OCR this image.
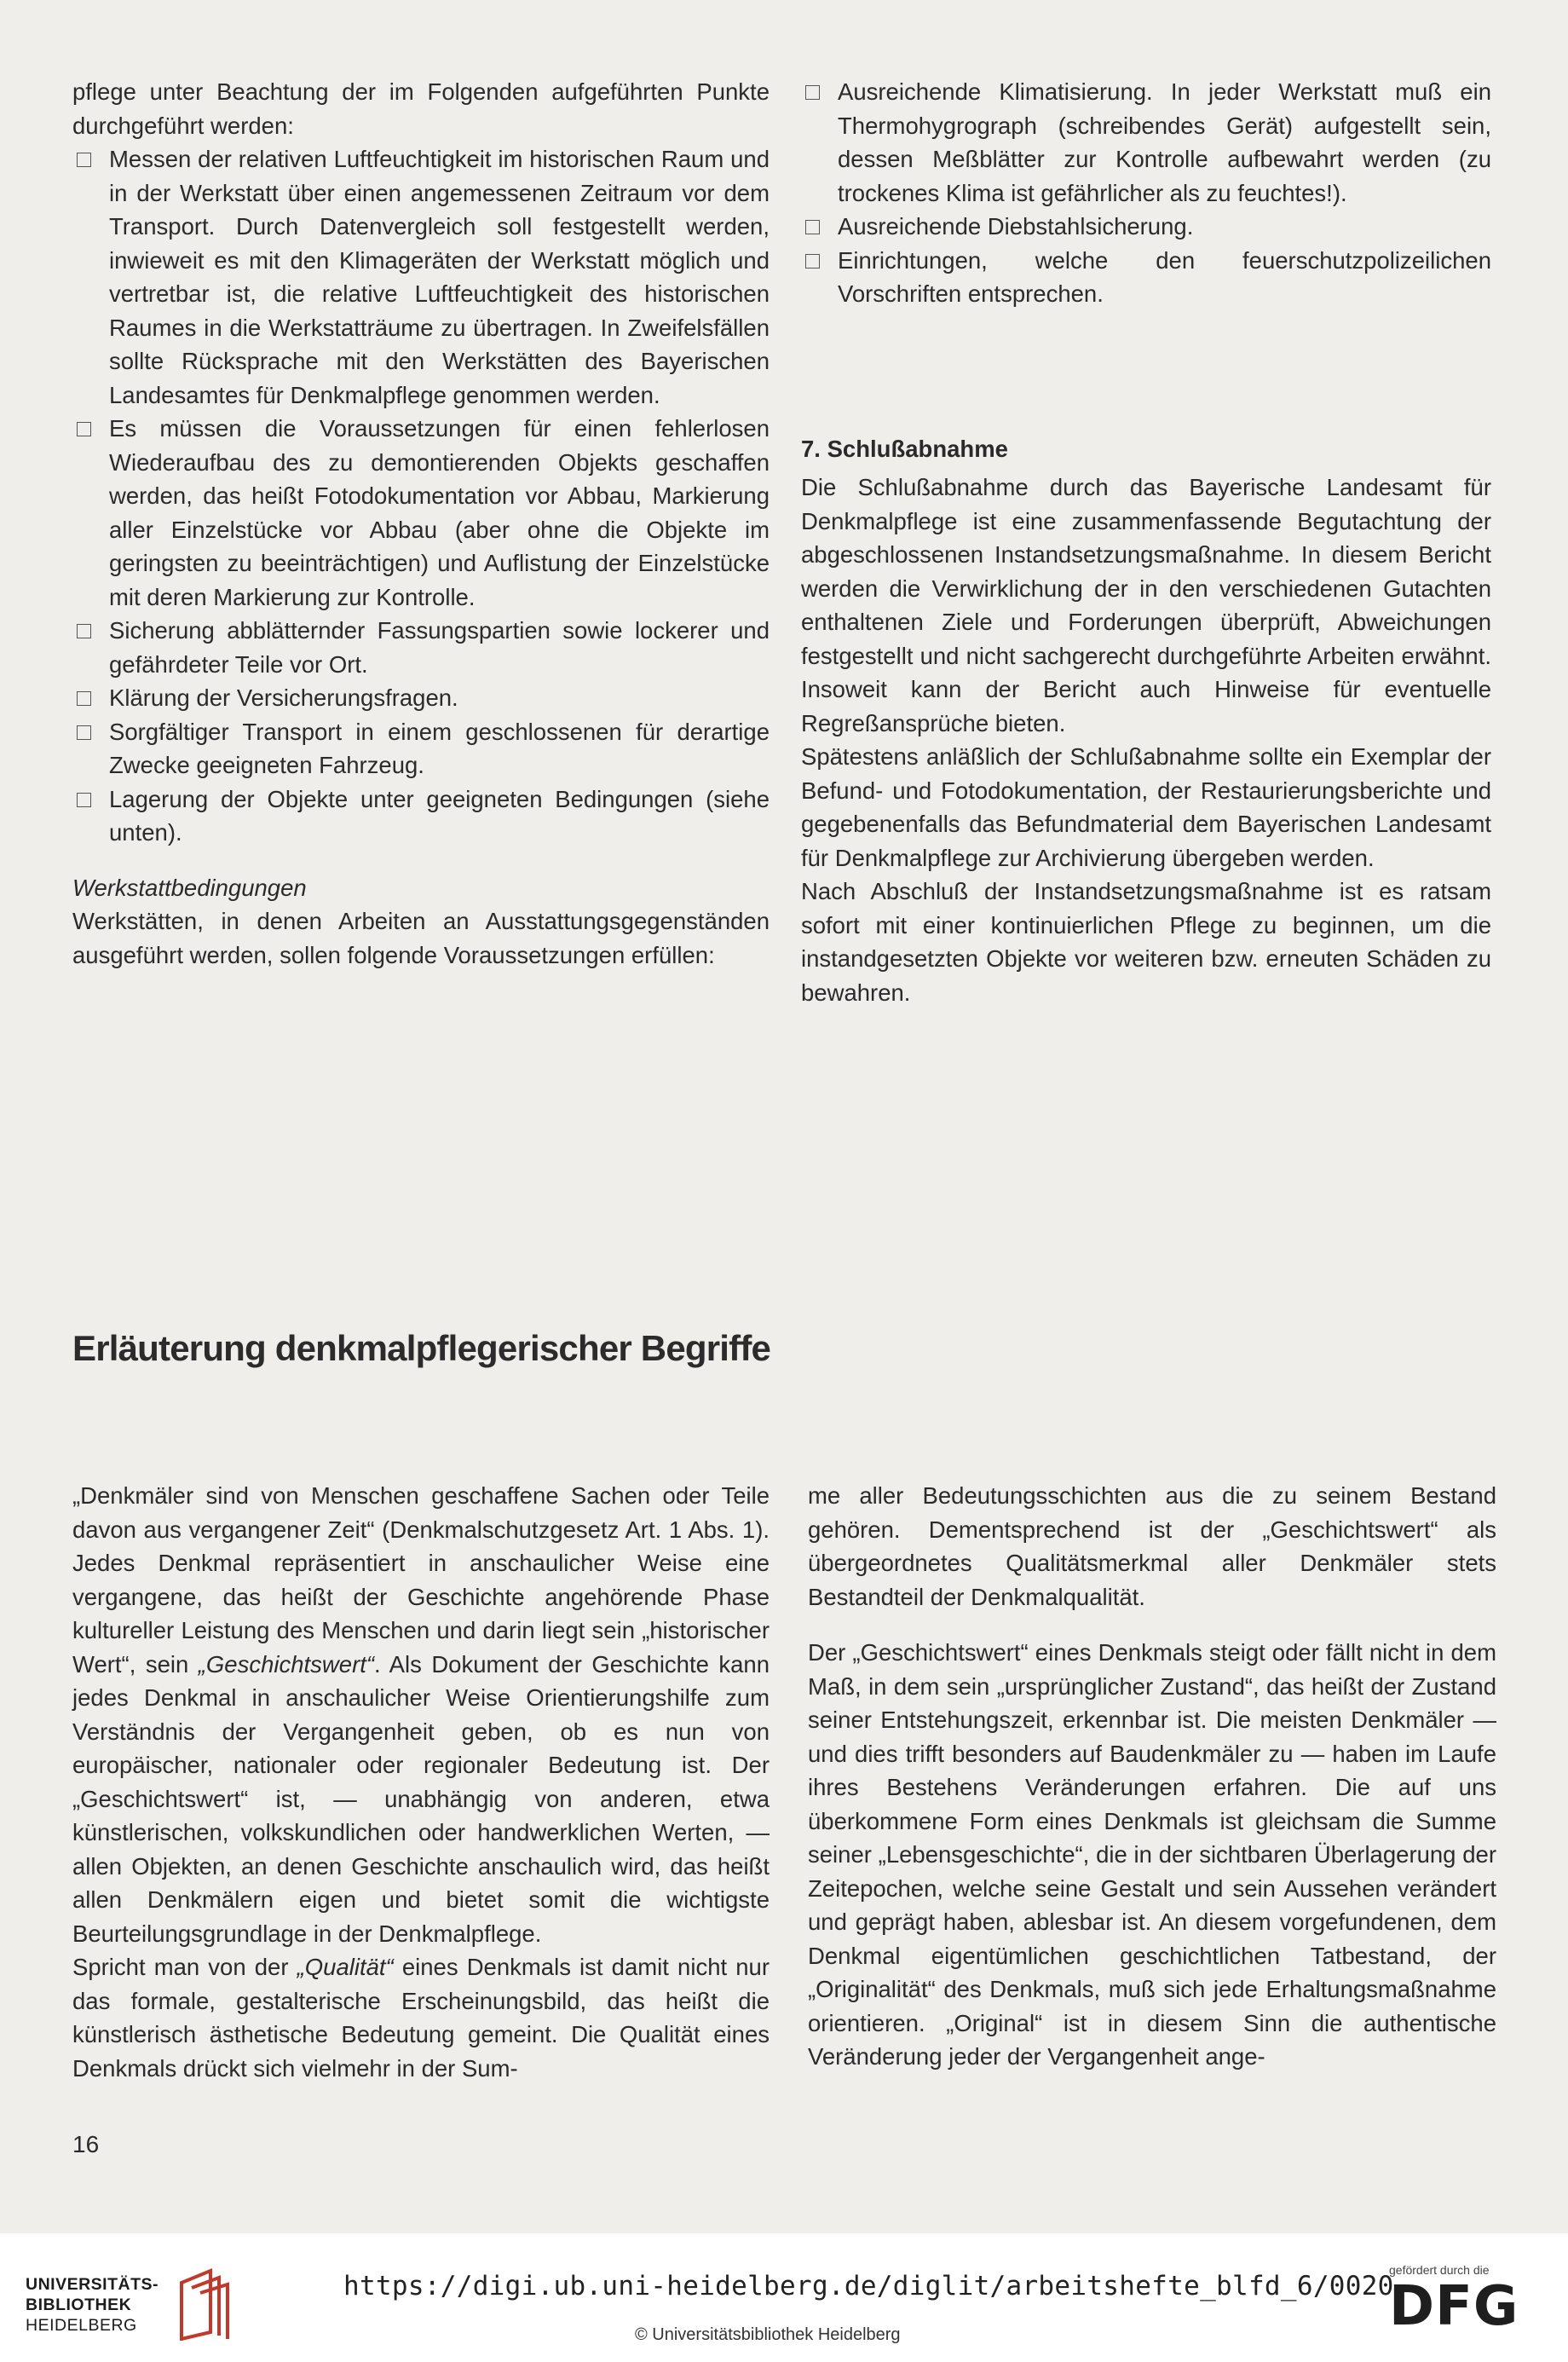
pflege unter Beachtung der im Folgenden aufgeführten Punkte durchgeführt werden:

Messen der relativen Luftfeuchtigkeit im historischen Raum und in der Werkstatt über einen angemessenen Zeitraum vor dem Transport. Durch Datenvergleich soll festgestellt werden, inwieweit es mit den Klimageräten der Werkstatt möglich und vertretbar ist, die relative Luftfeuchtigkeit des historischen Raumes in die Werkstatträume zu übertragen. In Zweifelsfällen sollte Rücksprache mit den Werkstätten des Bayerischen Landesamtes für Denkmalpflege genommen werden.

Es müssen die Voraussetzungen für einen fehlerlosen Wiederaufbau des zu demontierenden Objekts geschaffen werden, das heißt Fotodokumentation vor Abbau, Markierung aller Einzelstücke vor Abbau (aber ohne die Objekte im geringsten zu beeinträchtigen) und Auflistung der Einzelstücke mit deren Markierung zur Kontrolle.

Sicherung abblätternder Fassungspartien sowie lockerer und gefährdeter Teile vor Ort.

Klärung der Versicherungsfragen.

Sorgfältiger Transport in einem geschlossenen für derartige Zwecke geeigneten Fahrzeug.

Lagerung der Objekte unter geeigneten Bedingungen (siehe unten).

Werkstattbedingungen

Werkstätten, in denen Arbeiten an Ausstattungsgegenständen ausgeführt werden, sollen folgende Voraussetzungen erfüllen:

Ausreichende Klimatisierung. In jeder Werkstatt muß ein Thermohygrograph (schreibendes Gerät) aufgestellt sein, dessen Meßblätter zur Kontrolle aufbewahrt werden (zu trockenes Klima ist gefährlicher als zu feuchtes!).

Ausreichende Diebstahlsicherung.

Einrichtungen, welche den feuerschutzpolizeilichen Vorschriften entsprechen.

7. Schlußabnahme

Die Schlußabnahme durch das Bayerische Landesamt für Denkmalpflege ist eine zusammenfassende Begutachtung der abgeschlossenen Instandsetzungsmaßnahme. In diesem Bericht werden die Verwirklichung der in den verschiedenen Gutachten enthaltenen Ziele und Forderungen überprüft, Abweichungen festgestellt und nicht sachgerecht durchgeführte Arbeiten erwähnt. Insoweit kann der Bericht auch Hinweise für eventuelle Regreßansprüche bieten.

Spätestens anläßlich der Schlußabnahme sollte ein Exemplar der Befund- und Fotodokumentation, der Restaurierungsberichte und gegebenenfalls das Befundmaterial dem Bayerischen Landesamt für Denkmalpflege zur Archivierung übergeben werden.

Nach Abschluß der Instandsetzungsmaßnahme ist es ratsam sofort mit einer kontinuierlichen Pflege zu beginnen, um die instandgesetzten Objekte vor weiteren bzw. erneuten Schäden zu bewahren.

Erläuterung denkmalpflegerischer Begriffe

„Denkmäler sind von Menschen geschaffene Sachen oder Teile davon aus vergangener Zeit“ (Denkmalschutzgesetz Art. 1 Abs. 1). Jedes Denkmal repräsentiert in anschaulicher Weise eine vergangene, das heißt der Geschichte angehörende Phase kultureller Leistung des Menschen und darin liegt sein „historischer Wert“, sein „Geschichtswert“. Als Dokument der Geschichte kann jedes Denkmal in anschaulicher Weise Orientierungshilfe zum Verständnis der Vergangenheit geben, ob es nun von europäischer, nationaler oder regionaler Bedeutung ist. Der „Geschichtswert“ ist, — unabhängig von anderen, etwa künstlerischen, volkskundlichen oder handwerklichen Werten, — allen Objekten, an denen Geschichte anschaulich wird, das heißt allen Denkmälern eigen und bietet somit die wichtigste Beurteilungsgrundlage in der Denkmalpflege.

Spricht man von der „Qualität“ eines Denkmals ist damit nicht nur das formale, gestalterische Erscheinungsbild, das heißt die künstlerisch ästhetische Bedeutung gemeint. Die Qualität eines Denkmals drückt sich vielmehr in der Sum-

me aller Bedeutungsschichten aus die zu seinem Bestand gehören. Dementsprechend ist der „Geschichtswert“ als übergeordnetes Qualitätsmerkmal aller Denkmäler stets Bestandteil der Denkmalqualität.

Der „Geschichtswert“ eines Denkmals steigt oder fällt nicht in dem Maß, in dem sein „ursprünglicher Zustand“, das heißt der Zustand seiner Entstehungszeit, erkennbar ist. Die meisten Denkmäler — und dies trifft besonders auf Baudenkmäler zu — haben im Laufe ihres Bestehens Veränderungen erfahren. Die auf uns überkommene Form eines Denkmals ist gleichsam die Summe seiner „Lebensgeschichte“, die in der sichtbaren Überlagerung der Zeitepochen, welche seine Gestalt und sein Aussehen verändert und geprägt haben, ablesbar ist. An diesem vorgefundenen, dem Denkmal eigentümlichen geschichtlichen Tatbestand, der „Originalität“ des Denkmals, muß sich jede Erhaltungsmaßnahme orientieren. „Original“ ist in diesem Sinn die authentische Veränderung jeder der Vergangenheit ange-

16
UNIVERSITÄTS-
BIBLIOTHEK
HEIDELBERG
https://digi.ub.uni-heidelberg.de/diglit/arbeitshefte_blfd_6/0020
© Universitätsbibliothek Heidelberg
gefördert durch die
DFG
